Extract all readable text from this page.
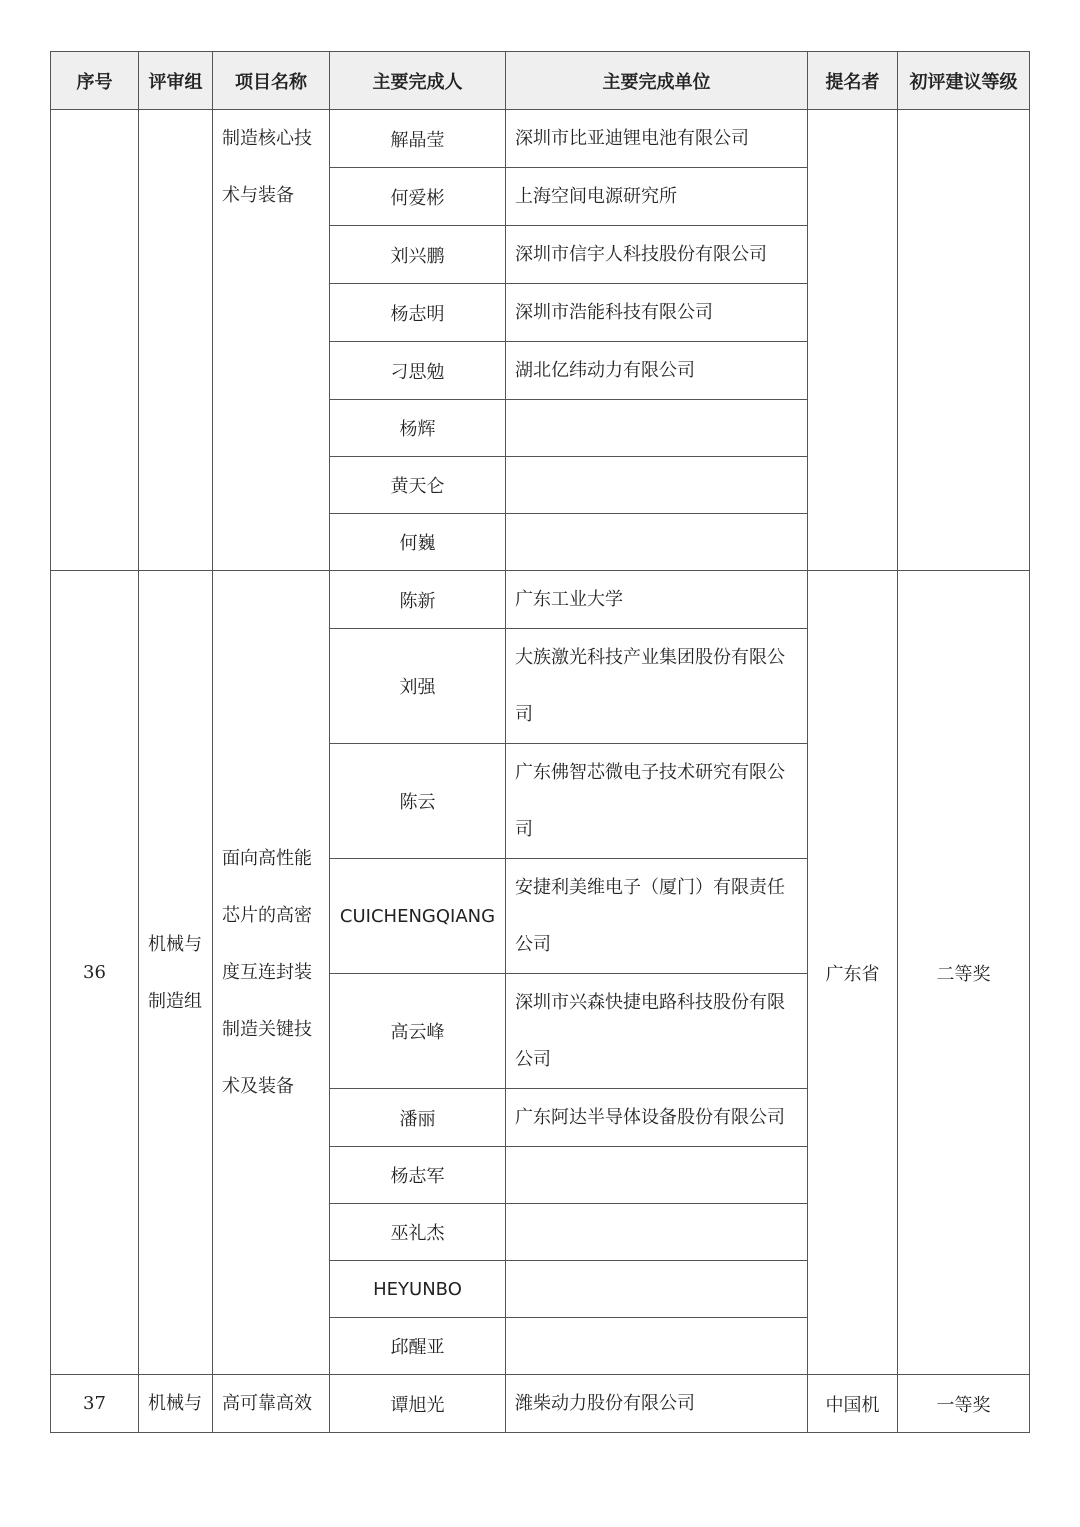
序号	评审组	项目名称	主要完成人	主要完成单位	提名者	初评建议等级
		制造核心技术与装备	解晶莹	深圳市比亚迪锂电池有限公司		
			何爱彬	上海空间电源研究所		
			刘兴鹏	深圳市信宇人科技股份有限公司		
			杨志明	深圳市浩能科技有限公司		
			刁思勉	湖北亿纬动力有限公司		
			杨辉			
			黄天仑			
			何巍			
36	机械与制造组	面向高性能芯片的高密度互连封装制造关键技术及装备	陈新	广东工业大学	广东省	二等奖

			刘强	大族激光科技产业集团股份有限公司		

			陈云	广东佛智芯微电子技术研究有限公司		

			CUICHENGQIANG	安捷利美维电子（厦门）有限责任公司		

			高云峰	深圳市兴森快捷电路科技股份有限公司		

			潘丽	广东阿达半导体设备股份有限公司		

			杨志军			

			巫礼杰			

			HEYUNBO			

			邱醒亚			

37	机械与	高可靠高效	谭旭光	潍柴动力股份有限公司	中国机	一等奖
